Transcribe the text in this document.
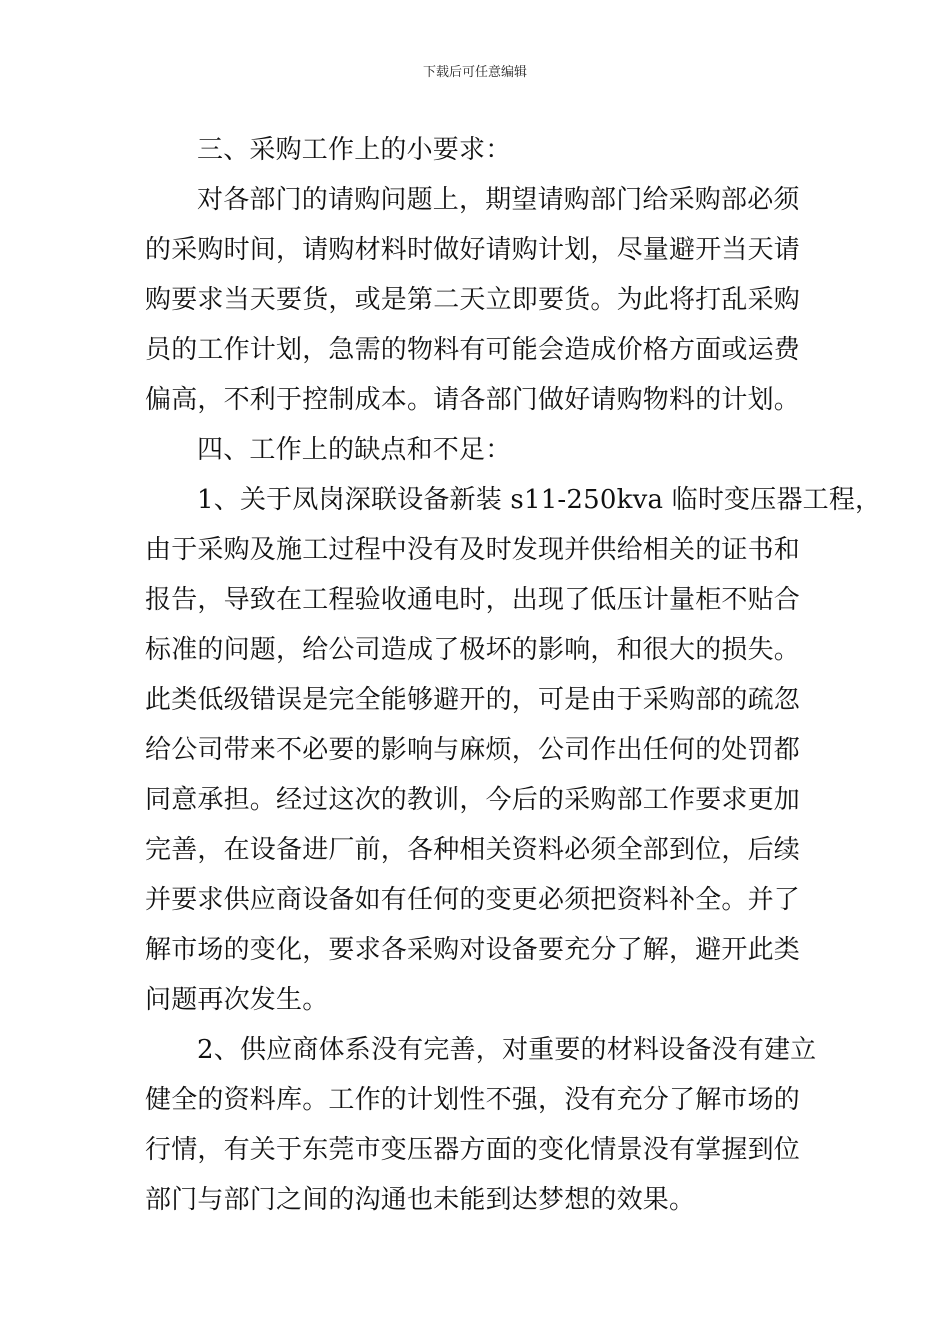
下载后可任意编辑

三、采购工作上的小要求：

对各部门的请购问题上，期望请购部门给采购部必须
的采购时间，请购材料时做好请购计划，尽量避开当天请
购要求当天要货，或是第二天立即要货。为此将打乱采购
员的工作计划，急需的物料有可能会造成价格方面或运费
偏高，不利于控制成本。请各部门做好请购物料的计划。

四、工作上的缺点和不足：

1、关于凤岗深联设备新装 s11-250kva 临时变压器工程，
由于采购及施工过程中没有及时发现并供给相关的证书和
报告，导致在工程验收通电时，出现了低压计量柜不贴合
标准的问题，给公司造成了极坏的影响，和很大的损失。
此类低级错误是完全能够避开的，可是由于采购部的疏忽
给公司带来不必要的影响与麻烦，公司作出任何的处罚都
同意承担。经过这次的教训，今后的采购部工作要求更加
完善，在设备进厂前，各种相关资料必须全部到位，后续
并要求供应商设备如有任何的变更必须把资料补全。并了
解市场的变化，要求各采购对设备要充分了解，避开此类
问题再次发生。

2、供应商体系没有完善，对重要的材料设备没有建立
健全的资料库。工作的计划性不强，没有充分了解市场的
行情，有关于东莞市变压器方面的变化情景没有掌握到位
部门与部门之间的沟通也未能到达梦想的效果。
